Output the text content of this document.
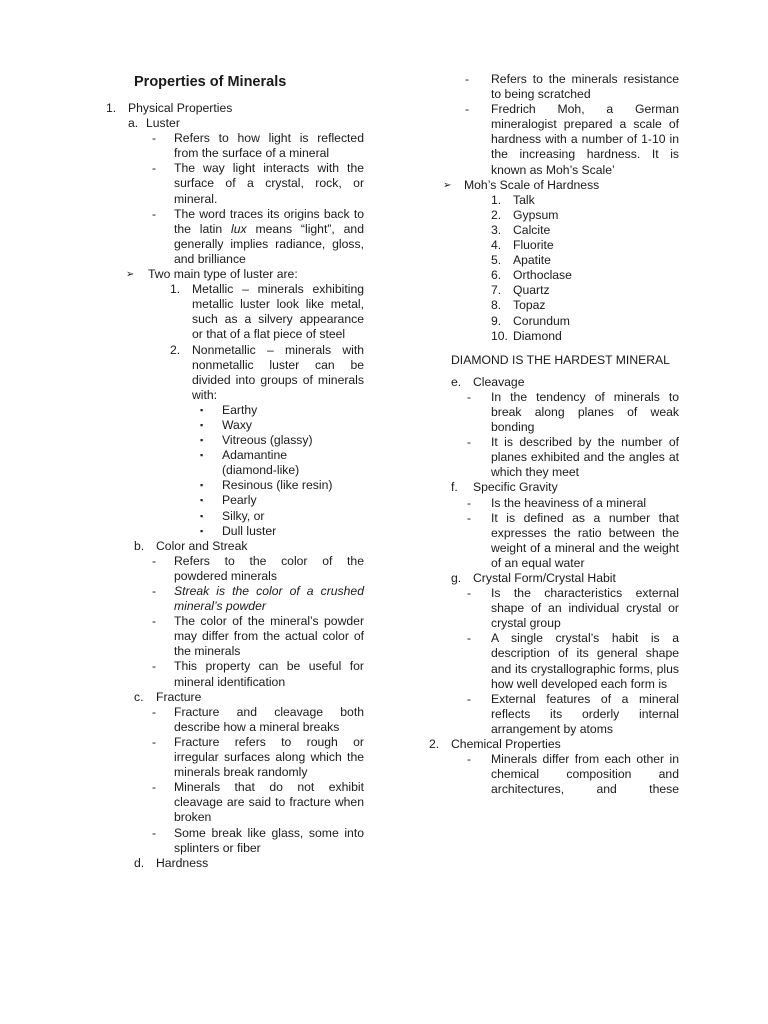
Properties of Minerals
1. Physical Properties
a. Luster
-	Refers to how light is reflected from the surface of a mineral
-	The way light interacts with the surface of a crystal, rock, or mineral.
-	The word traces its origins back to the latin lux means “light”, and generally implies radiance, gloss, and brilliance
➢	Two main type of luster are:
1. Metallic – minerals exhibiting metallic luster look like metal, such as a silvery appearance or that of a flat piece of steel
2. Nonmetallic – minerals with nonmetallic luster can be divided into groups of minerals with:
▪	Earthy
▪	Waxy
▪	Vitreous (glassy)
▪	Adamantine (diamond-like)
▪	Resinous (like resin)
▪	Pearly
▪	Silky, or
▪	Dull luster
b. Color and Streak
-	Refers to the color of the powdered minerals
-	Streak is the color of a crushed mineral’s powder
-	The color of the mineral’s powder may differ from the actual color of the minerals
-	This property can be useful for mineral identification
c.	Fracture
-	Fracture and cleavage both describe how a mineral breaks
-	Fracture refers to rough or irregular surfaces along which the minerals break randomly
-	Minerals that do not exhibit cleavage are said to fracture when broken
-	Some break like glass, some into splinters or fiber
d. Hardness
-	Refers to the minerals resistance to being scratched
-	Fredrich Moh, a German mineralogist prepared a scale of hardness with a number of 1-10 in the increasing hardness. It is known as Moh’s Scale’
➢	Moh’s Scale of Hardness
1. Talk
2. Gypsum
3. Calcite
4. Fluorite
5. Apatite
6. Orthoclase
7. Quartz
8. Topaz
9. Corundum
10. Diamond
DIAMOND IS THE HARDEST MINERAL
e. Cleavage
-	In the tendency of minerals to break along planes of weak bonding
-	It is described by the number of planes exhibited and the angles at which they meet
f.	Specific Gravity
-	Is the heaviness of a mineral
-	It is defined as a number that expresses the ratio between the weight of a mineral and the weight of an equal water
g. Crystal Form/Crystal Habit
-	Is the characteristics external shape of an individual crystal or crystal group
-	A single crystal’s habit is a description of its general shape and its crystallographic forms, plus how well developed each form is
-	External features of a mineral reflects its orderly internal arrangement by atoms
2. Chemical Properties
-	Minerals differ from each other in chemical composition and architectures, and these
